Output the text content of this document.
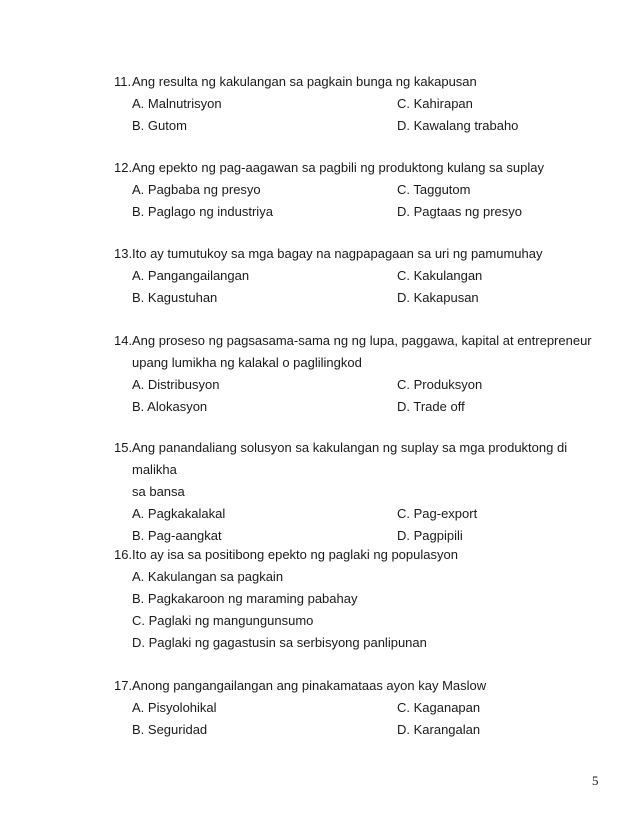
11. Ang resulta ng kakulangan sa pagkain bunga ng kakapusan
A. Malnutrisyon	C. Kahirapan
B. Gutom	D. Kawalang trabaho
12. Ang epekto ng pag-aagawan sa pagbili ng produktong kulang sa suplay
A. Pagbaba ng presyo	C. Taggutom
B. Paglago ng industriya	D. Pagtaas ng presyo
13. Ito ay tumutukoy sa mga bagay na nagpapagaan sa uri ng pamumuhay
A. Pangangailangan	C. Kakulangan
B. Kagustuhan	D. Kakapusan
14. Ang proseso ng pagsasama-sama ng ng lupa, paggawa, kapital at entrepreneur
upang lumikha ng kalakal o paglilingkod
A. Distribusyon	C. Produksyon
B. Alokasyon	D. Trade off
15. Ang panandaliang solusyon sa kakulangan ng suplay sa mga produktong di malikha
sa bansa
A. Pagkakalakal	C. Pag-export
B. Pag-aangkat	D. Pagpipili
16. Ito ay isa sa positibong epekto ng paglaki ng populasyon
A. Kakulangan sa pagkain
B. Pagkakaroon ng maraming pabahay
C. Paglaki ng mangungunsumo
D. Paglaki ng gagastusin sa serbisyong panlipunan
17. Anong pangangailangan ang pinakamataas ayon kay Maslow
A. Pisyolohikal	C. Kaganapan
B. Seguridad	D. Karangalan
5
